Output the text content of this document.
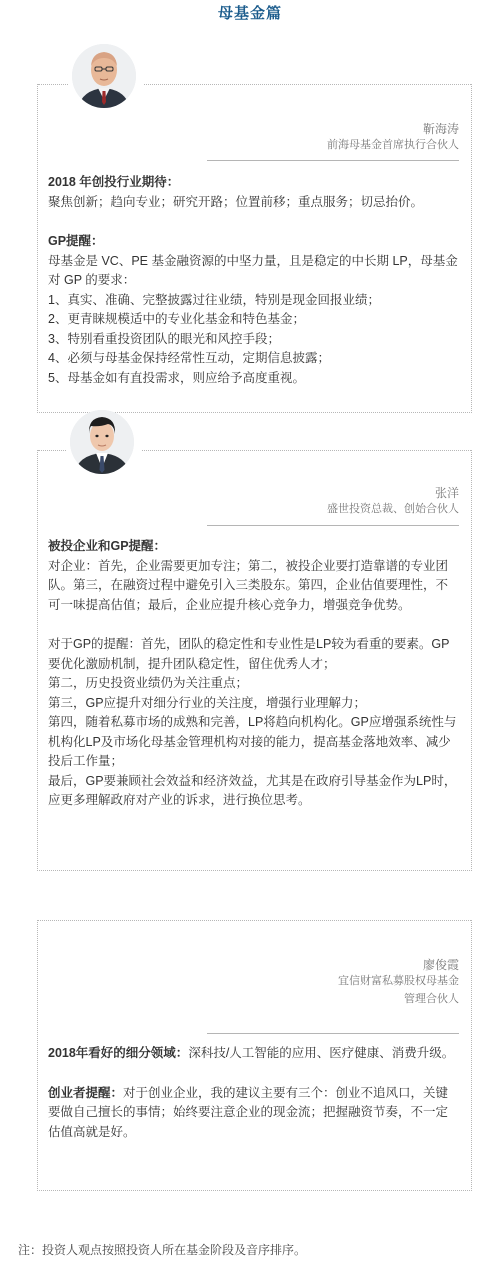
母基金篇
靳海涛
前海母基金首席执行合伙人

2018 年创投行业期待：

聚焦创新；趋向专业；研究开路；位置前移；重点服务；切忌抬价。

GP提醒：

母基金是 VC、PE 基金融资源的中坚力量，且是稳定的中长期 LP，母基金对 GP 的要求：

1、真实、准确、完整披露过往业绩，特别是现金回报业绩；

2、更青睐规模适中的专业化基金和特色基金；

3、特别看重投资团队的眼光和风控手段；

4、必须与母基金保持经常性互动，定期信息披露；

5、母基金如有直投需求，则应给予高度重视。

张洋
盛世投资总裁、创始合伙人

被投企业和GP提醒：

对企业：首先，企业需要更加专注；第二，被投企业要打造靠谱的专业团队。第三，在融资过程中避免引入三类股东。第四，企业估值要理性，不可一味提高估值；最后，企业应提升核心竞争力，增强竞争优势。

对于GP的提醒：首先，团队的稳定性和专业性是LP较为看重的要素。GP要优化激励机制，提升团队稳定性，留住优秀人才；

第二，历史投资业绩仍为关注重点；

第三，GP应提升对细分行业的关注度，增强行业理解力；

第四，随着私募市场的成熟和完善，LP将趋向机构化。GP应增强系统性与机构化LP及市场化母基金管理机构对接的能力，提高基金落地效率、减少投后工作量；

最后，GP要兼顾社会效益和经济效益，尤其是在政府引导基金作为LP时，应更多理解政府对产业的诉求，进行换位思考。

廖俊霞
宜信财富私募股权母基金
管理合伙人

2018年看好的细分领域：深科技/人工智能的应用、医疗健康、消费升级。

创业者提醒：对于创业企业，我的建议主要有三个：创业不追风口，关键要做自己擅长的事情；始终要注意企业的现金流；把握融资节奏，不一定估值高就是好。

注：投资人观点按照投资人所在基金阶段及音序排序。
